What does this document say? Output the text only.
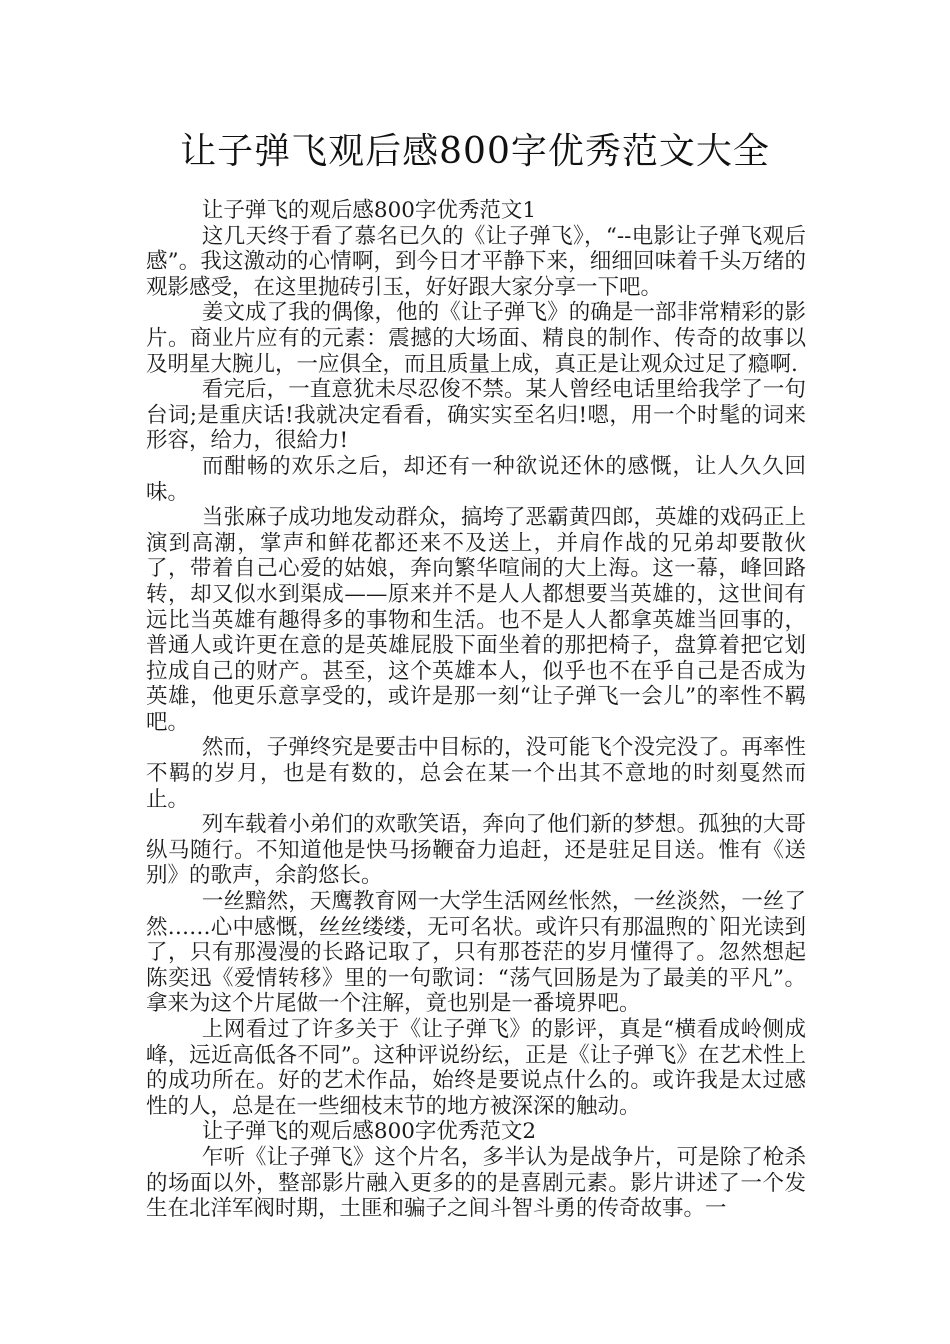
让子弹飞观后感800字优秀范文大全

让子弹飞的观后感800字优秀范文1

这几天终于看了慕名已久的《让子弹飞》，“--电影让子弹飞观后感”。我这激动的心情啊，到今日才平静下来，细细回味着千头万绪的观影感受，在这里抛砖引玉，好好跟大家分享一下吧。

姜文成了我的偶像，他的《让子弹飞》的确是一部非常精彩的影片。商业片应有的元素：震撼的大场面、精良的制作、传奇的故事以及明星大腕儿，一应俱全，而且质量上成，真正是让观众过足了瘾啊.

看完后，一直意犹未尽忍俊不禁。某人曾经电话里给我学了一句台词;是重庆话!我就决定看看，确实实至名归!嗯，用一个时髦的词来形容，给力，很給力!

而酣畅的欢乐之后，却还有一种欲说还休的感慨，让人久久回味。

当张麻子成功地发动群众，搞垮了恶霸黄四郎，英雄的戏码正上演到高潮，掌声和鲜花都还来不及送上，并肩作战的兄弟却要散伙了，带着自己心爱的姑娘，奔向繁华喧闹的大上海。这一幕，峰回路转，却又似水到渠成——原来并不是人人都想要当英雄的，这世间有远比当英雄有趣得多的事物和生活。也不是人人都拿英雄当回事的，普通人或许更在意的是英雄屁股下面坐着的那把椅子，盘算着把它划拉成自己的财产。甚至，这个英雄本人，似乎也不在乎自己是否成为英雄，他更乐意享受的，或许是那一刻“让子弹飞一会儿”的率性不羁吧。

然而，子弹终究是要击中目标的，没可能飞个没完没了。再率性不羁的岁月，也是有数的，总会在某一个出其不意地的时刻戛然而止。

列车载着小弟们的欢歌笑语，奔向了他们新的梦想。孤独的大哥纵马随行。不知道他是快马扬鞭奋力追赶，还是驻足目送。惟有《送别》的歌声，余韵悠长。

一丝黯然，天鹰教育网一大学生活网丝怅然，一丝淡然，一丝了然……心中感慨，丝丝缕缕，无可名状。或许只有那温煦的`阳光读到了，只有那漫漫的长路记取了，只有那苍茫的岁月懂得了。忽然想起陈奕迅《爱情转移》里的一句歌词：“荡气回肠是为了最美的平凡”。拿来为这个片尾做一个注解，竟也别是一番境界吧。

上网看过了许多关于《让子弹飞》的影评，真是“横看成岭侧成峰，远近高低各不同”。这种评说纷纭，正是《让子弹飞》在艺术性上的成功所在。好的艺术作品，始终是要说点什么的。或许我是太过感性的人，总是在一些细枝末节的地方被深深的触动。

让子弹飞的观后感800字优秀范文2

乍听《让子弹飞》这个片名，多半认为是战争片，可是除了枪杀的场面以外，整部影片融入更多的的是喜剧元素。影片讲述了一个发生在北洋军阀时期，土匪和骗子之间斗智斗勇的传奇故事。一
